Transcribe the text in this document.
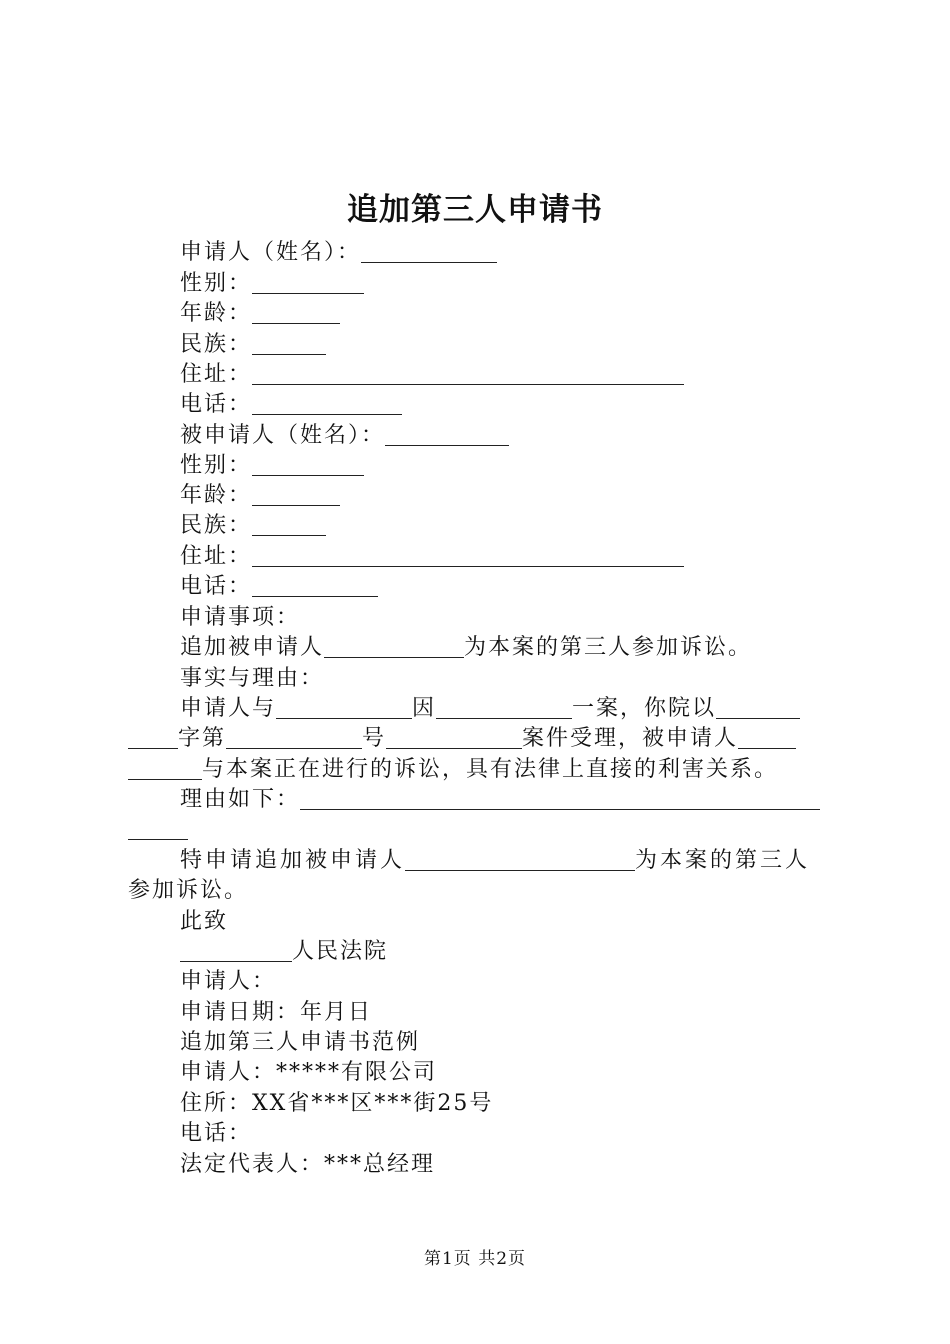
追加第三人申请书
申请人（姓名）：
性别：
年龄：
民族：
住址：
电话：
被申请人（姓名）：
性别：
年龄：
民族：
住址：
电话：
申请事项：
追加被申请人	为本案的第三人参加诉讼。
事实与理由：
申请人与	因	一案，你院以
字第	号	案件受理，被申请人
与本案正在进行的诉讼，具有法律上直接的利害关系。
理由如下：
特申请追加被申请人	为本案的第三人
参加诉讼。
此致
人民法院
申请人：
申请日期：年月日
追加第三人申请书范例
申请人：*****有限公司
住所：XX省***区***街25号
电话：
法定代表人：***总经理
第1页 共2页
